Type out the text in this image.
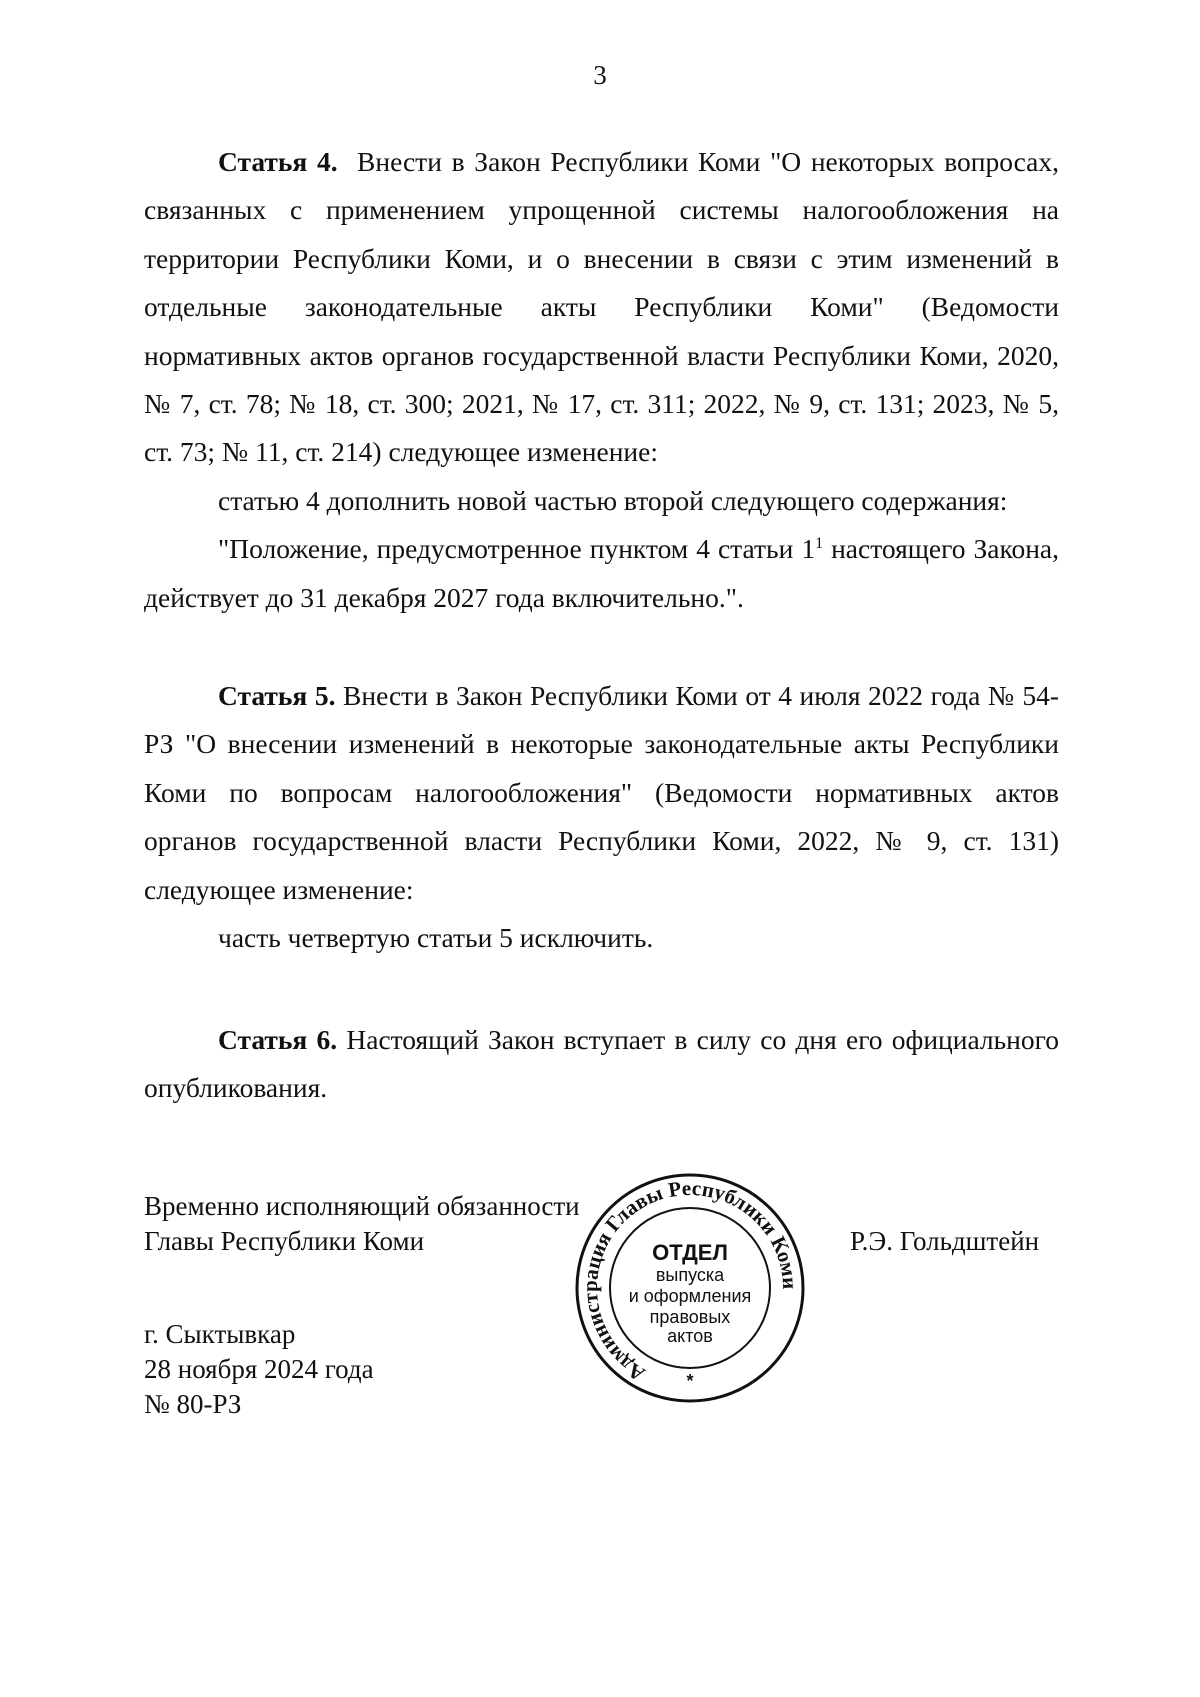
3

Статья 4. Внести в Закон Республики Коми "О некоторых вопросах, связанных с применением упрощенной системы налогообложения на территории Республики Коми, и о внесении в связи с этим изменений в отдельные законодательные акты Республики Коми" (Ведомости нормативных актов органов государственной власти Республики Коми, 2020, № 7, ст. 78; № 18, ст. 300; 2021, № 17, ст. 311; 2022, № 9, ст. 131; 2023, № 5, ст. 73; № 11, ст. 214) следующее изменение:

статью 4 дополнить новой частью второй следующего содержания:

"Положение, предусмотренное пунктом 4 статьи $1^1$ настоящего Закона, действует до 31 декабря 2027 года включительно.".

Статья 5. Внести в Закон Республики Коми от 4 июля 2022 года № 54-РЗ "О внесении изменений в некоторые законодательные акты Республики Коми по вопросам налогообложения" (Ведомости нормативных актов органов государственной власти Республики Коми, 2022, № 9, ст. 131) следующее изменение:

часть четвертую статьи 5 исключить.

Статья 6. Настоящий Закон вступает в силу со дня его официального опубликования.

Временно исполняющий обязанности
Главы Республики Коми	Р.Э. Гольдштейн
Администрация Главы Республики Коми
ОТДЕЛ
выпуска
и оформления
правовых
актов
*
г. Сыктывкар
28 ноября 2024 года
№ 80-РЗ
